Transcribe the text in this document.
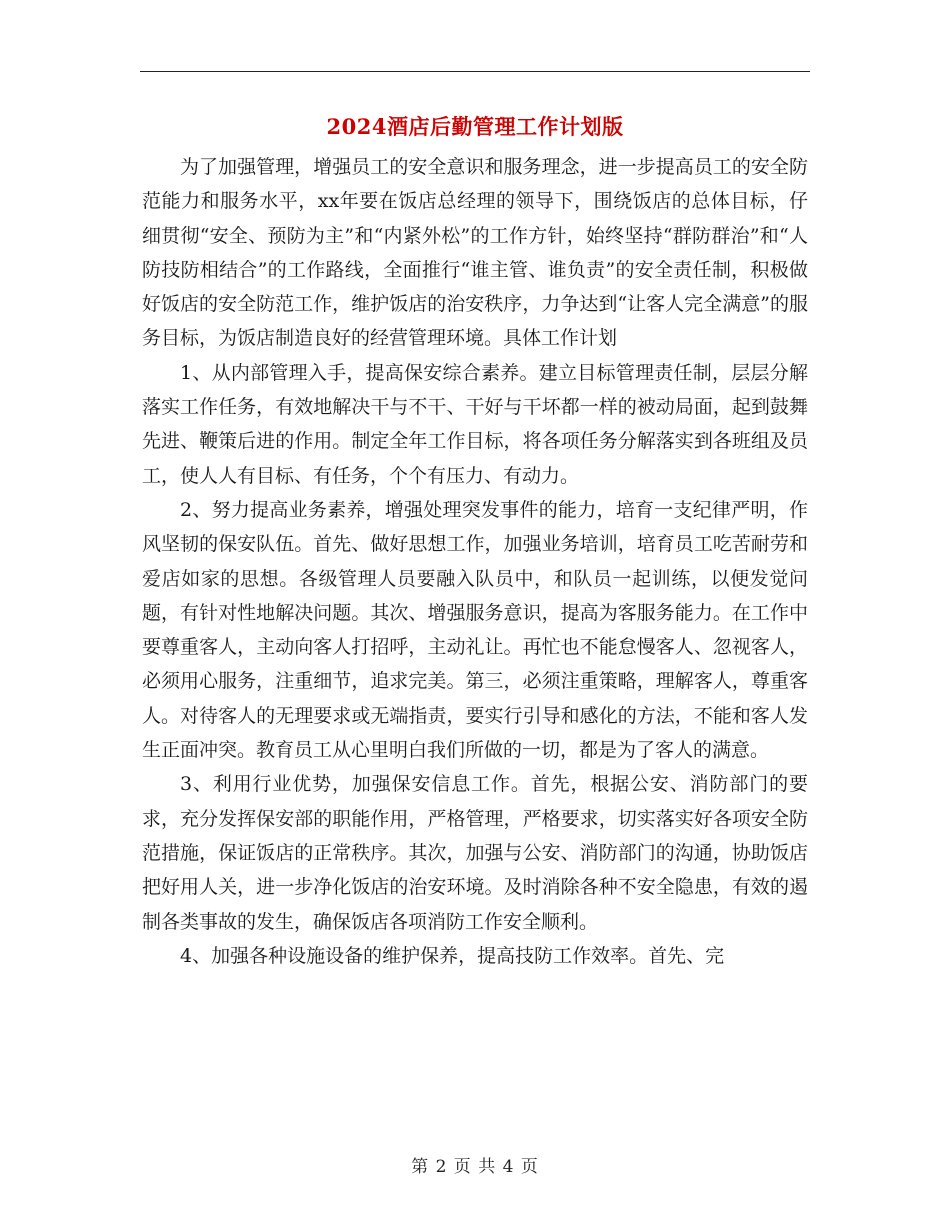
2024酒店后勤管理工作计划版

为了加强管理，增强员工的安全意识和服务理念，进一步提高员工的安全防范能力和服务水平，xx年要在饭店总经理的领导下，围绕饭店的总体目标，仔细贯彻“安全、预防为主”和“内紧外松”的工作方针，始终坚持“群防群治”和“人防技防相结合”的工作路线，全面推行“谁主管、谁负责”的安全责任制，积极做好饭店的安全防范工作，维护饭店的治安秩序，力争达到“让客人完全满意”的服务目标，为饭店制造良好的经营管理环境。具体工作计划

1、从内部管理入手，提高保安综合素养。建立目标管理责任制，层层分解落实工作任务，有效地解决干与不干、干好与干坏都一样的被动局面，起到鼓舞先进、鞭策后进的作用。制定全年工作目标，将各项任务分解落实到各班组及员工，使人人有目标、有任务，个个有压力、有动力。

2、努力提高业务素养，增强处理突发事件的能力，培育一支纪律严明，作风坚韧的保安队伍。首先、做好思想工作，加强业务培训，培育员工吃苦耐劳和爱店如家的思想。各级管理人员要融入队员中，和队员一起训练，以便发觉问题，有针对性地解决问题。其次、增强服务意识，提高为客服务能力。在工作中要尊重客人，主动向客人打招呼，主动礼让。再忙也不能怠慢客人、忽视客人，必须用心服务，注重细节，追求完美。第三，必须注重策略，理解客人，尊重客人。对待客人的无理要求或无端指责，要实行引导和感化的方法，不能和客人发生正面冲突。教育员工从心里明白我们所做的一切，都是为了客人的满意。

3、利用行业优势，加强保安信息工作。首先，根据公安、消防部门的要求，充分发挥保安部的职能作用，严格管理，严格要求，切实落实好各项安全防范措施，保证饭店的正常秩序。其次，加强与公安、消防部门的沟通，协助饭店把好用人关，进一步净化饭店的治安环境。及时消除各种不安全隐患，有效的遏制各类事故的发生，确保饭店各项消防工作安全顺利。

4、加强各种设施设备的维护保养，提高技防工作效率。首先、完

第 2 页 共 4 页
